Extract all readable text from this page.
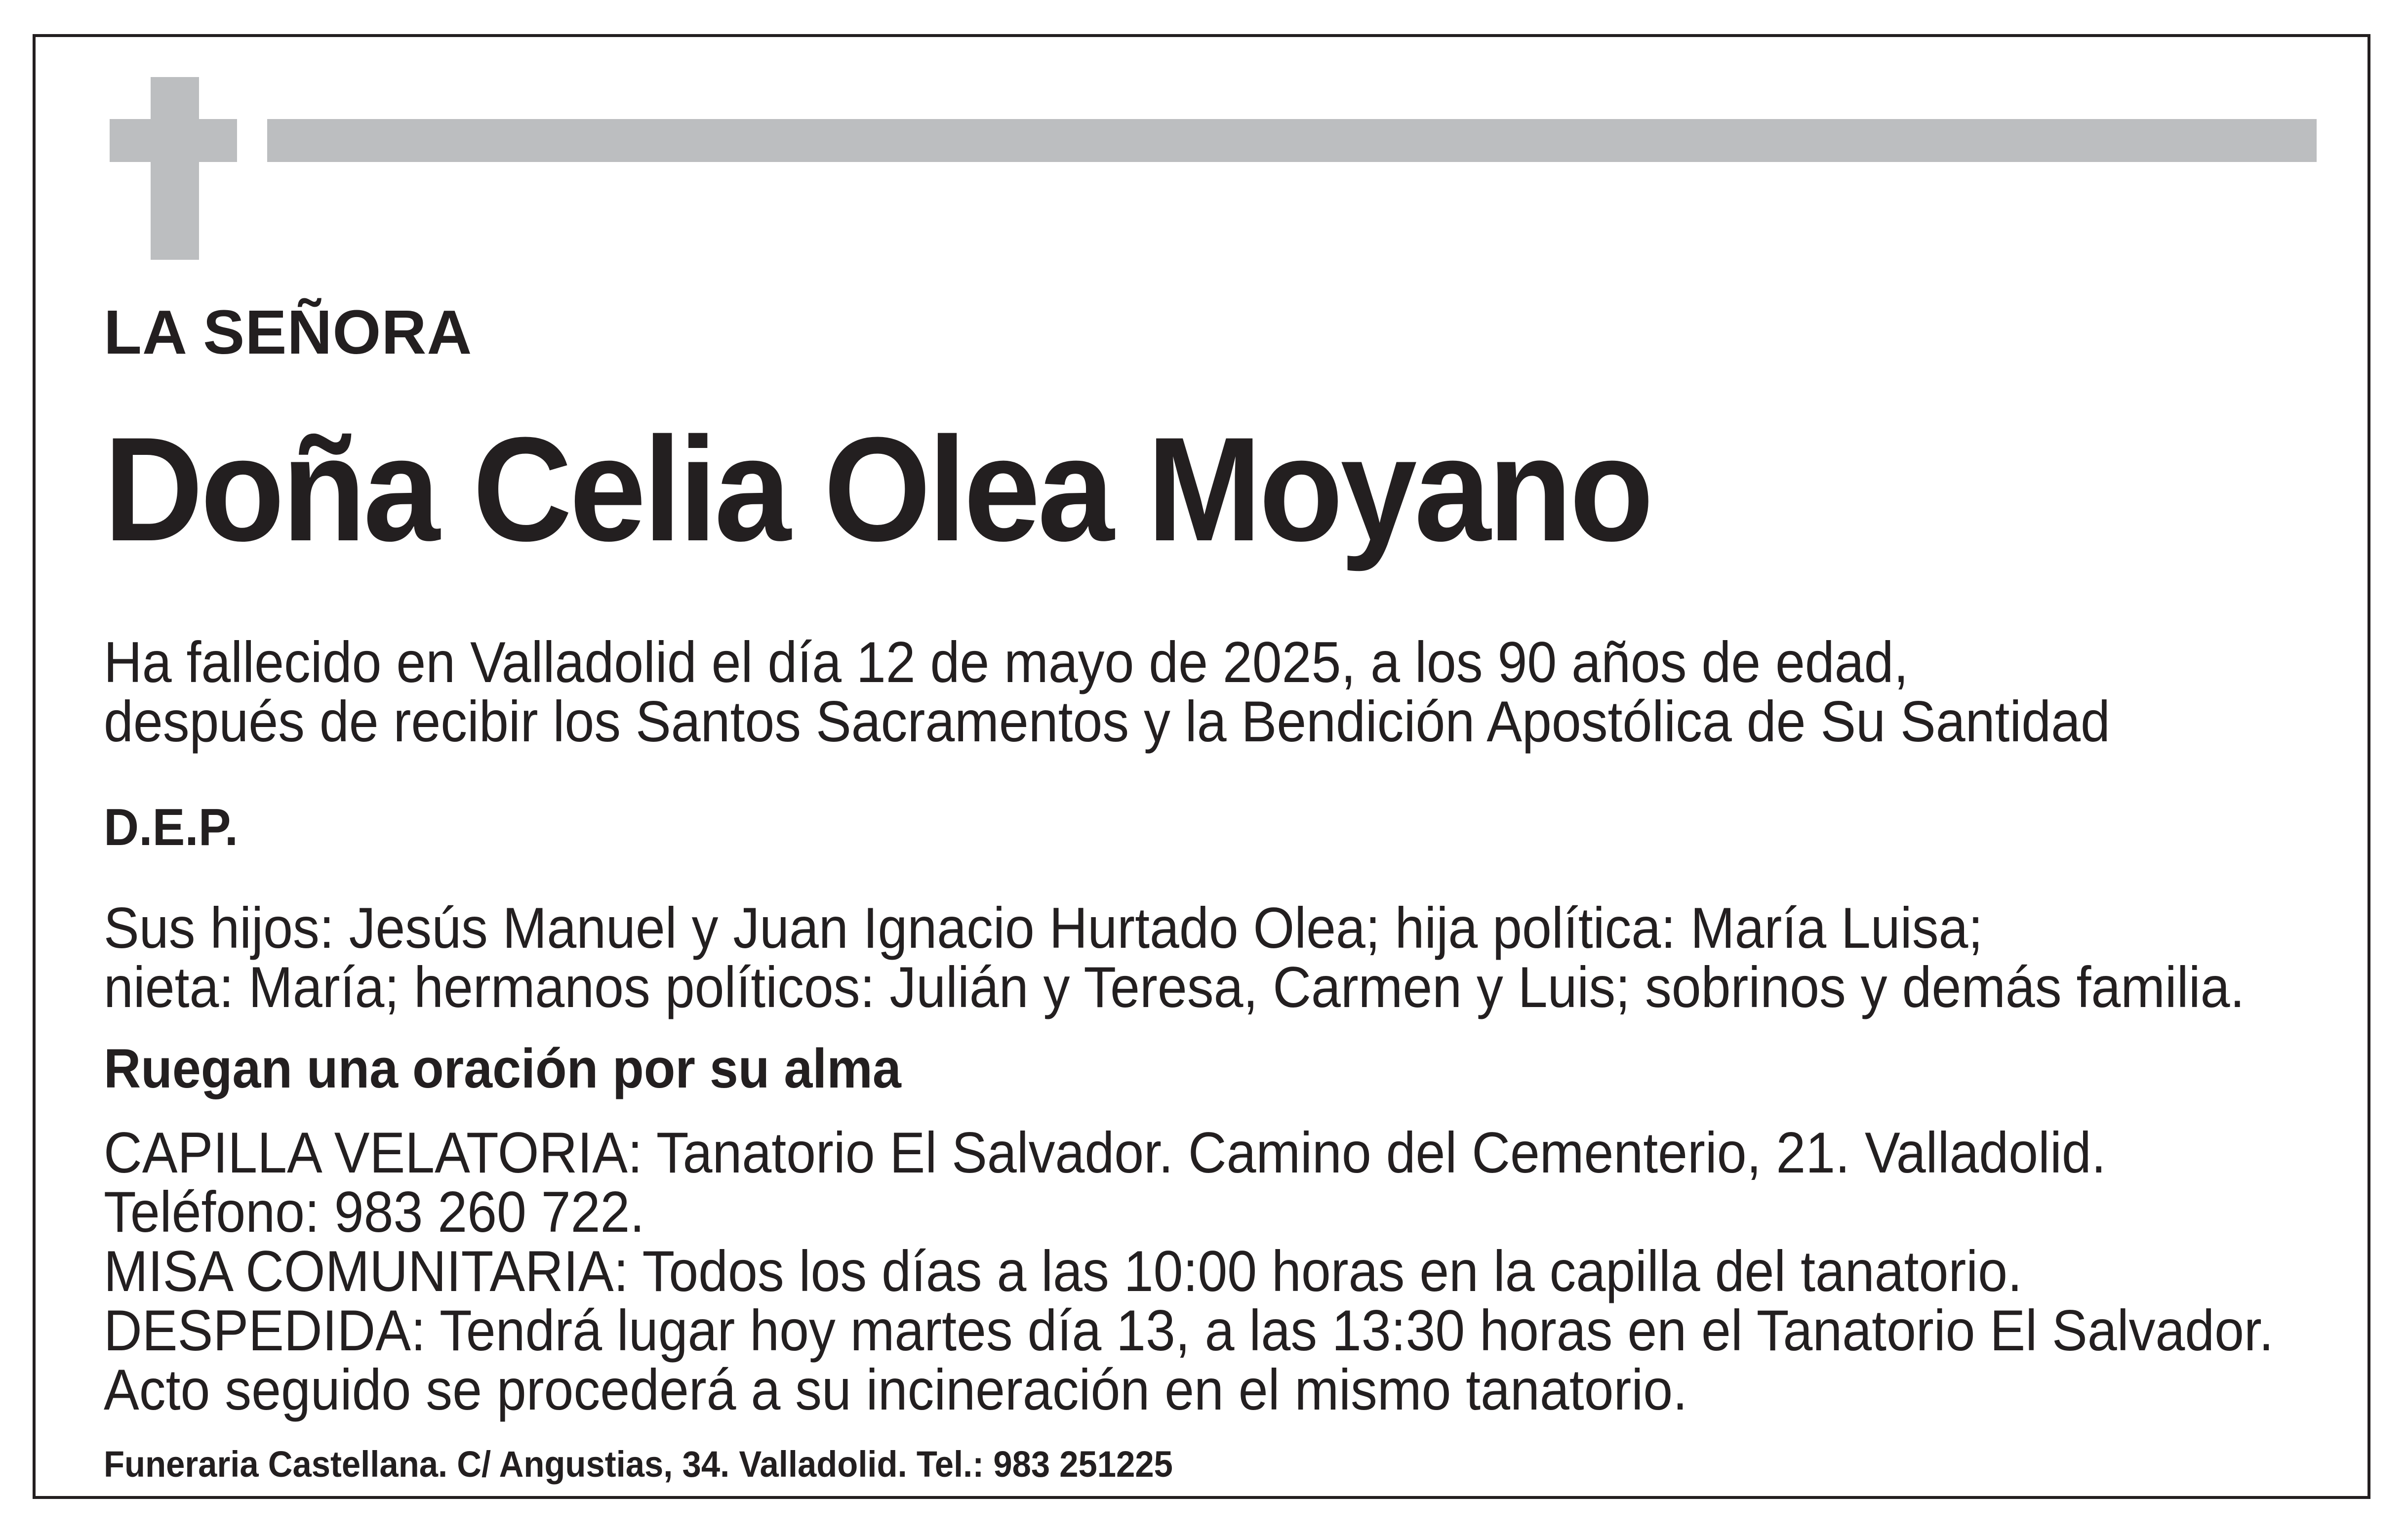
LA SEÑORA

Doña Celia Olea Moyano

Ha fallecido en Valladolid el día 12 de mayo de 2025, a los 90 años de edad,

después de recibir los Santos Sacramentos y la Bendición Apostólica de Su Santidad

D.E.P.

Sus hijos: Jesús Manuel y Juan Ignacio Hurtado Olea; hija política: María Luisa;

nieta: María; hermanos políticos: Julián y Teresa, Carmen y Luis; sobrinos y demás familia.

Ruegan una oración por su alma

CAPILLA VELATORIA: Tanatorio El Salvador. Camino del Cementerio, 21. Valladolid.

Teléfono: 983 260 722.

MISA COMUNITARIA: Todos los días a las 10:00 horas en la capilla del tanatorio.

DESPEDIDA: Tendrá lugar hoy martes día 13, a las 13:30 horas en el Tanatorio El Salvador.

Acto seguido se procederá a su incineración en el mismo tanatorio.

Funeraria Castellana. C/ Angustias, 34. Valladolid. Tel.: 983 251225
